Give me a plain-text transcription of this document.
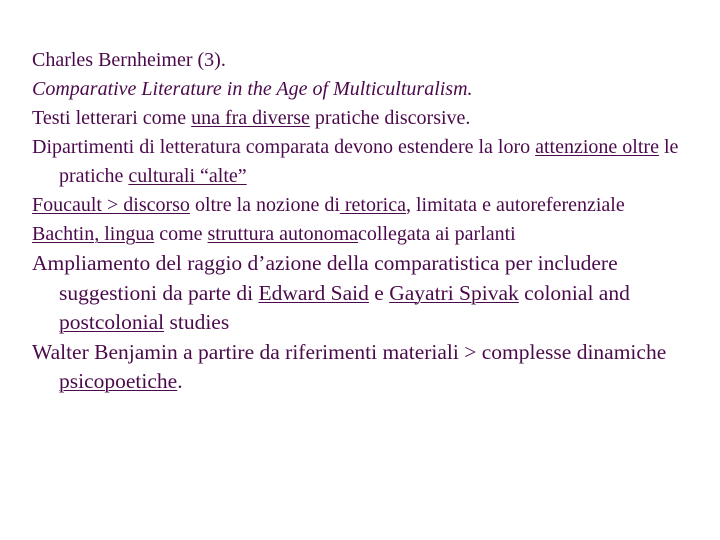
Charles Bernheimer (3).

Comparative Literature in the Age of Multiculturalism.

Testi letterari come una fra diverse pratiche discorsive.

Dipartimenti di letteratura comparata devono estendere la loro attenzione oltre le pratiche culturali “alte”

Foucault > discorso oltre la nozione di retorica, limitata e autoreferenziale

Bachtin, lingua come struttura autonomacollegata ai parlanti

Ampliamento del raggio d’azione della comparatistica per includere suggestioni da parte di Edward Said e Gayatri Spivak colonial and postcolonial studies

Walter Benjamin a partire da riferimenti materiali > complesse dinamiche psicopoetiche.
